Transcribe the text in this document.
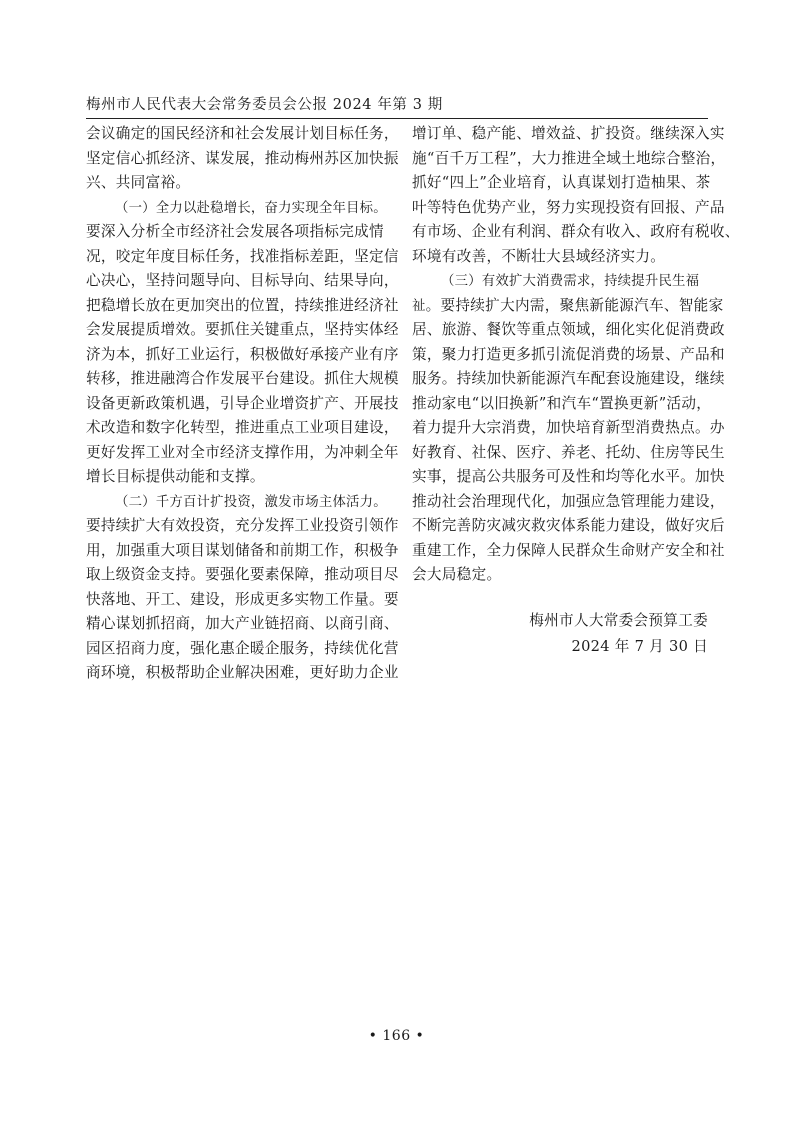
梅州市人民代表大会常务委员会公报 2024 年第 3 期
会议确定的国民经济和社会发展计划目标任务，
坚定信心抓经济、谋发展，推动梅州苏区加快振
兴、共同富裕。
（一）全力以赴稳增长，奋力实现全年目标。
要深入分析全市经济社会发展各项指标完成情
况，咬定年度目标任务，找准指标差距，坚定信
心决心，坚持问题导向、目标导向、结果导向，
把稳增长放在更加突出的位置，持续推进经济社
会发展提质增效。要抓住关键重点，坚持实体经
济为本，抓好工业运行，积极做好承接产业有序
转移，推进融湾合作发展平台建设。抓住大规模
设备更新政策机遇，引导企业增资扩产、开展技
术改造和数字化转型，推进重点工业项目建设，
更好发挥工业对全市经济支撑作用，为冲刺全年
增长目标提供动能和支撑。
（二）千方百计扩投资，激发市场主体活力。
要持续扩大有效投资，充分发挥工业投资引领作
用，加强重大项目谋划储备和前期工作，积极争
取上级资金支持。要强化要素保障，推动项目尽
快落地、开工、建设，形成更多实物工作量。要
精心谋划抓招商，加大产业链招商、以商引商、
园区招商力度，强化惠企暖企服务，持续优化营
商环境，积极帮助企业解决困难，更好助力企业
增订单、稳产能、增效益、扩投资。继续深入实
施“百千万工程”，大力推进全域土地综合整治，
抓好“四上”企业培育，认真谋划打造柚果、茶
叶等特色优势产业，努力实现投资有回报、产品
有市场、企业有利润、群众有收入、政府有税收、
环境有改善，不断壮大县域经济实力。
（三）有效扩大消费需求，持续提升民生福
祉。要持续扩大内需，聚焦新能源汽车、智能家
居、旅游、餐饮等重点领域，细化实化促消费政
策，聚力打造更多抓引流促消费的场景、产品和
服务。持续加快新能源汽车配套设施建设，继续
推动家电“以旧换新”和汽车“置换更新”活动，
着力提升大宗消费，加快培育新型消费热点。办
好教育、社保、医疗、养老、托幼、住房等民生
实事，提高公共服务可及性和均等化水平。加快
推动社会治理现代化，加强应急管理能力建设，
不断完善防灾减灾救灾体系能力建设，做好灾后
重建工作，全力保障人民群众生命财产安全和社
会大局稳定。
梅州市人大常委会预算工委
2024 年 7 月 30 日
• 166 •
